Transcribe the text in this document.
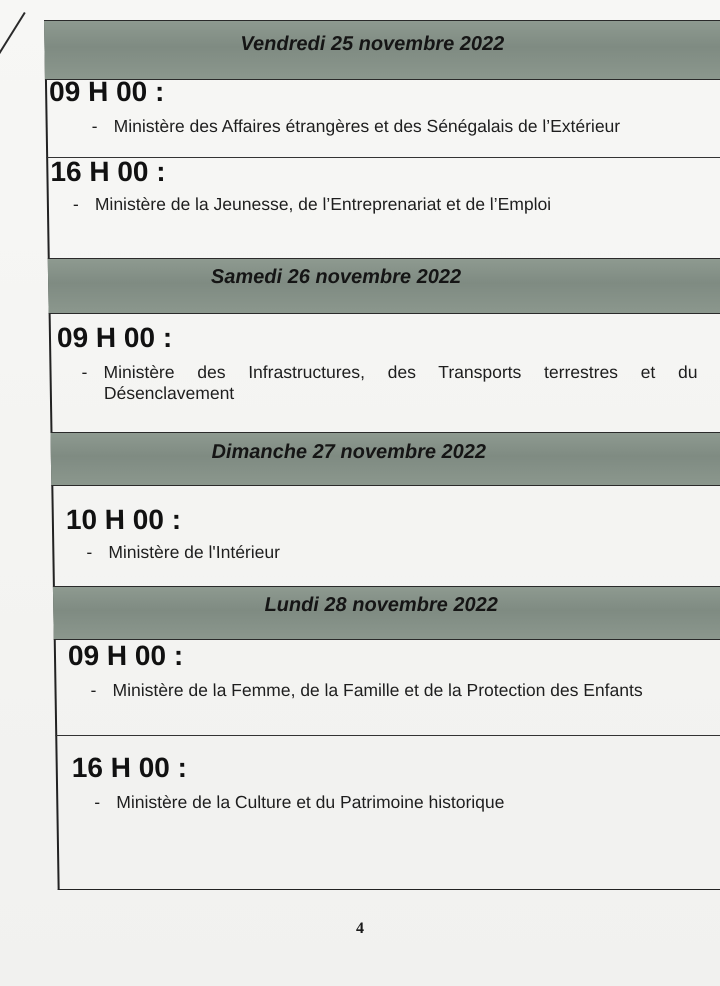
Vendredi 25 novembre 2022
09 H 00 :
- Ministère des Affaires étrangères et des Sénégalais de l’Extérieur
16 H 00 :
- Ministère de la Jeunesse, de l’Entreprenariat et de l’Emploi
Samedi 26 novembre 2022
09 H 00 :
- Ministère des Infrastructures, des Transports terrestres et du Désenclavement
Dimanche 27 novembre 2022
10 H 00 :
- Ministère de l'Intérieur
Lundi 28 novembre 2022
09 H 00 :
- Ministère de la Femme, de la Famille et de la Protection des Enfants
16 H 00 :
- Ministère de la Culture et du Patrimoine historique
4
